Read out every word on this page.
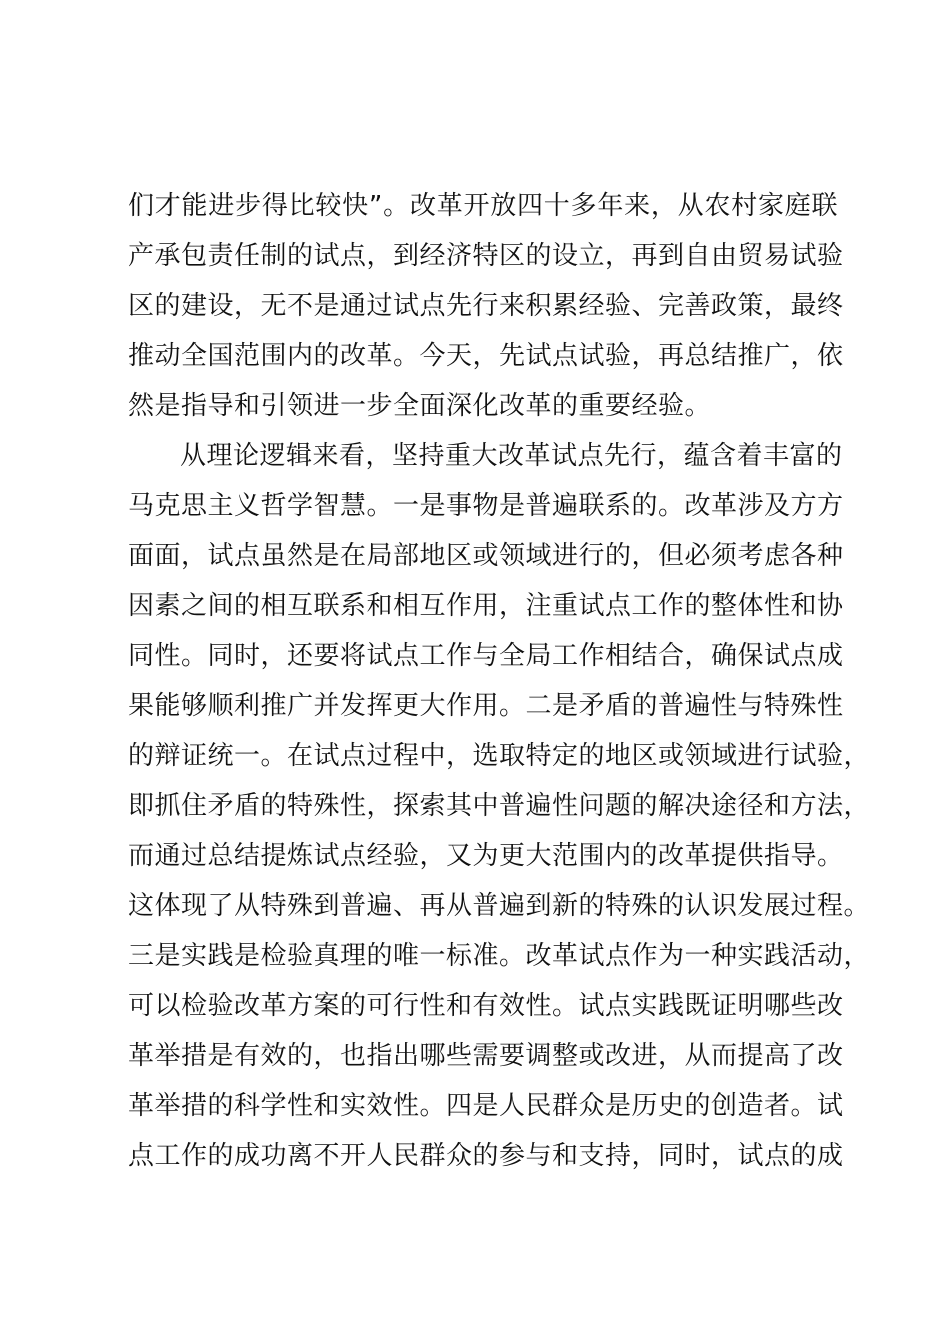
们才能进步得比较快”。改革开放四十多年来，从农村家庭联
产承包责任制的试点，到经济特区的设立，再到自由贸易试验
区的建设，无不是通过试点先行来积累经验、完善政策，最终
推动全国范围内的改革。今天，先试点试验，再总结推广，依
然是指导和引领进一步全面深化改革的重要经验。
从理论逻辑来看，坚持重大改革试点先行，蕴含着丰富的
马克思主义哲学智慧。一是事物是普遍联系的。改革涉及方方
面面，试点虽然是在局部地区或领域进行的，但必须考虑各种
因素之间的相互联系和相互作用，注重试点工作的整体性和协
同性。同时，还要将试点工作与全局工作相结合，确保试点成
果能够顺利推广并发挥更大作用。二是矛盾的普遍性与特殊性
的辩证统一。在试点过程中，选取特定的地区或领域进行试验，
即抓住矛盾的特殊性，探索其中普遍性问题的解决途径和方法，
而通过总结提炼试点经验，又为更大范围内的改革提供指导。
这体现了从特殊到普遍、再从普遍到新的特殊的认识发展过程。
三是实践是检验真理的唯一标准。改革试点作为一种实践活动，
可以检验改革方案的可行性和有效性。试点实践既证明哪些改
革举措是有效的，也指出哪些需要调整或改进，从而提高了改
革举措的科学性和实效性。四是人民群众是历史的创造者。试
点工作的成功离不开人民群众的参与和支持，同时，试点的成
